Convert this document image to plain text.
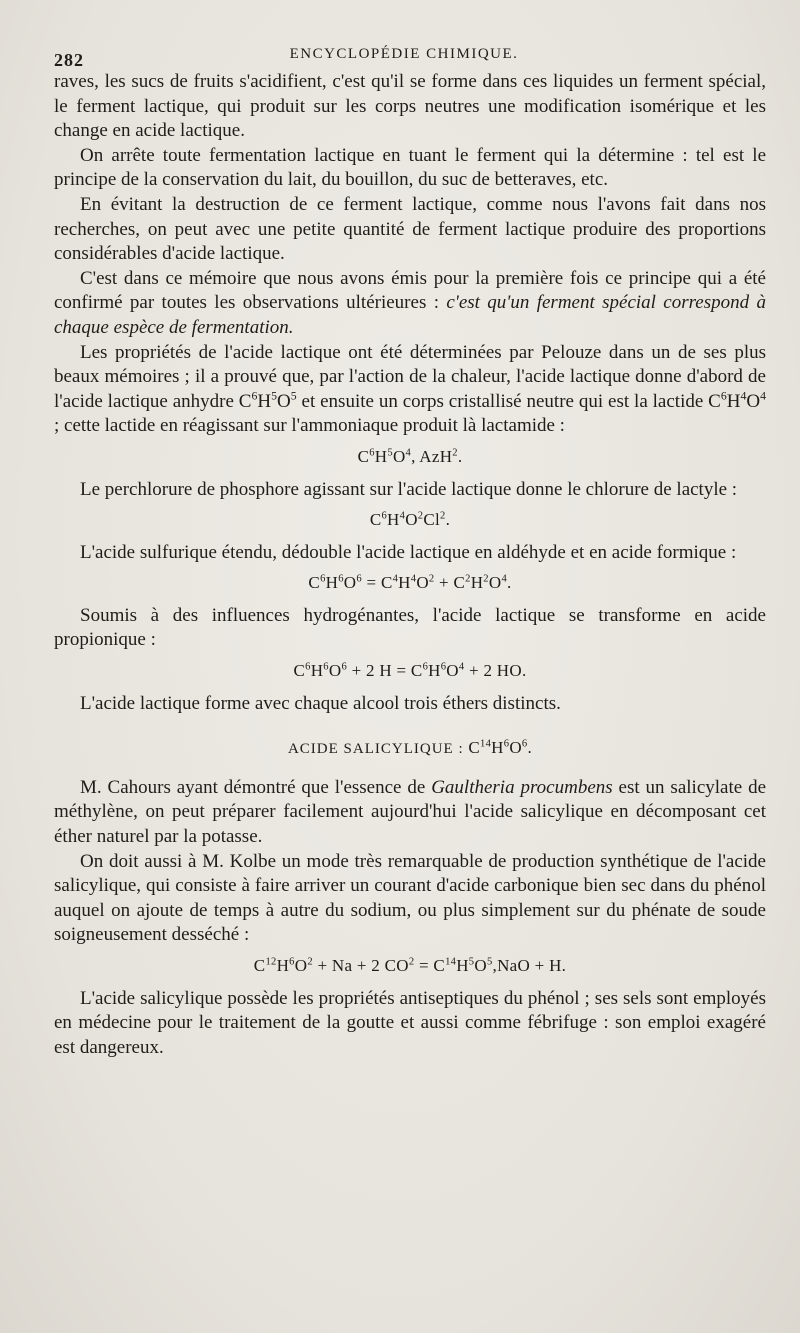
282	ENCYCLOPÉDIE CHIMIQUE.

raves, les sucs de fruits s'acidifient, c'est qu'il se forme dans ces liquides un ferment spécial, le ferment lactique, qui produit sur les corps neutres une modification isomérique et les change en acide lactique.

On arrête toute fermentation lactique en tuant le ferment qui la détermine : tel est le principe de la conservation du lait, du bouillon, du suc de betteraves, etc.

En évitant la destruction de ce ferment lactique, comme nous l'avons fait dans nos recherches, on peut avec une petite quantité de ferment lactique produire des proportions considérables d'acide lactique.

C'est dans ce mémoire que nous avons émis pour la première fois ce principe qui a été confirmé par toutes les observations ultérieures : c'est qu'un ferment spécial correspond à chaque espèce de fermentation.

Les propriétés de l'acide lactique ont été déterminées par Pelouze dans un de ses plus beaux mémoires ; il a prouvé que, par l'action de la chaleur, l'acide lactique donne d'abord de l'acide lactique anhydre $C^6H^5O^5$ et ensuite un corps cristallisé neutre qui est la lactide $C^6H^4O^4$ ; cette lactide en réagissant sur l'ammoniaque produit là lactamide :

$C^6H^5O^4$, AzH$^2$.

Le perchlorure de phosphore agissant sur l'acide lactique donne le chlorure de lactyle :

$C^6H^4O^2Cl^2$.

L'acide sulfurique étendu, dédouble l'acide lactique en aldéhyde et en acide formique :

$C^6H^6O^6 = C^4H^4O^2 + C^2H^2O^4$.

Soumis à des influences hydrogénantes, l'acide lactique se transforme en acide propionique :

$C^6H^6O^6 + 2$ $H = C^6H^6O^4 + 2$ HO.

L'acide lactique forme avec chaque alcool trois éthers distincts.

ACIDE SALICYLIQUE : $C^{14}H^6O^6$.

M. Cahours ayant démontré que l'essence de Gaultheria procumbens est un salicylate de méthylène, on peut préparer facilement aujourd'hui l'acide salicylique en décomposant cet éther naturel par la potasse.

On doit aussi à M. Kolbe un mode très remarquable de production synthétique de l'acide salicylique, qui consiste à faire arriver un courant d'acide carbonique bien sec dans du phénol auquel on ajoute de temps à autre du sodium, ou plus simplement sur du phénate de soude soigneusement desséché :

$C^{12}H^6O^2 + Na + 2$ $CO^2 = C^{14}H^5O^5,NaO + H$.

L'acide salicylique possède les propriétés antiseptiques du phénol ; ses sels sont employés en médecine pour le traitement de la goutte et aussi comme fébrifuge : son emploi exagéré est dangereux.
